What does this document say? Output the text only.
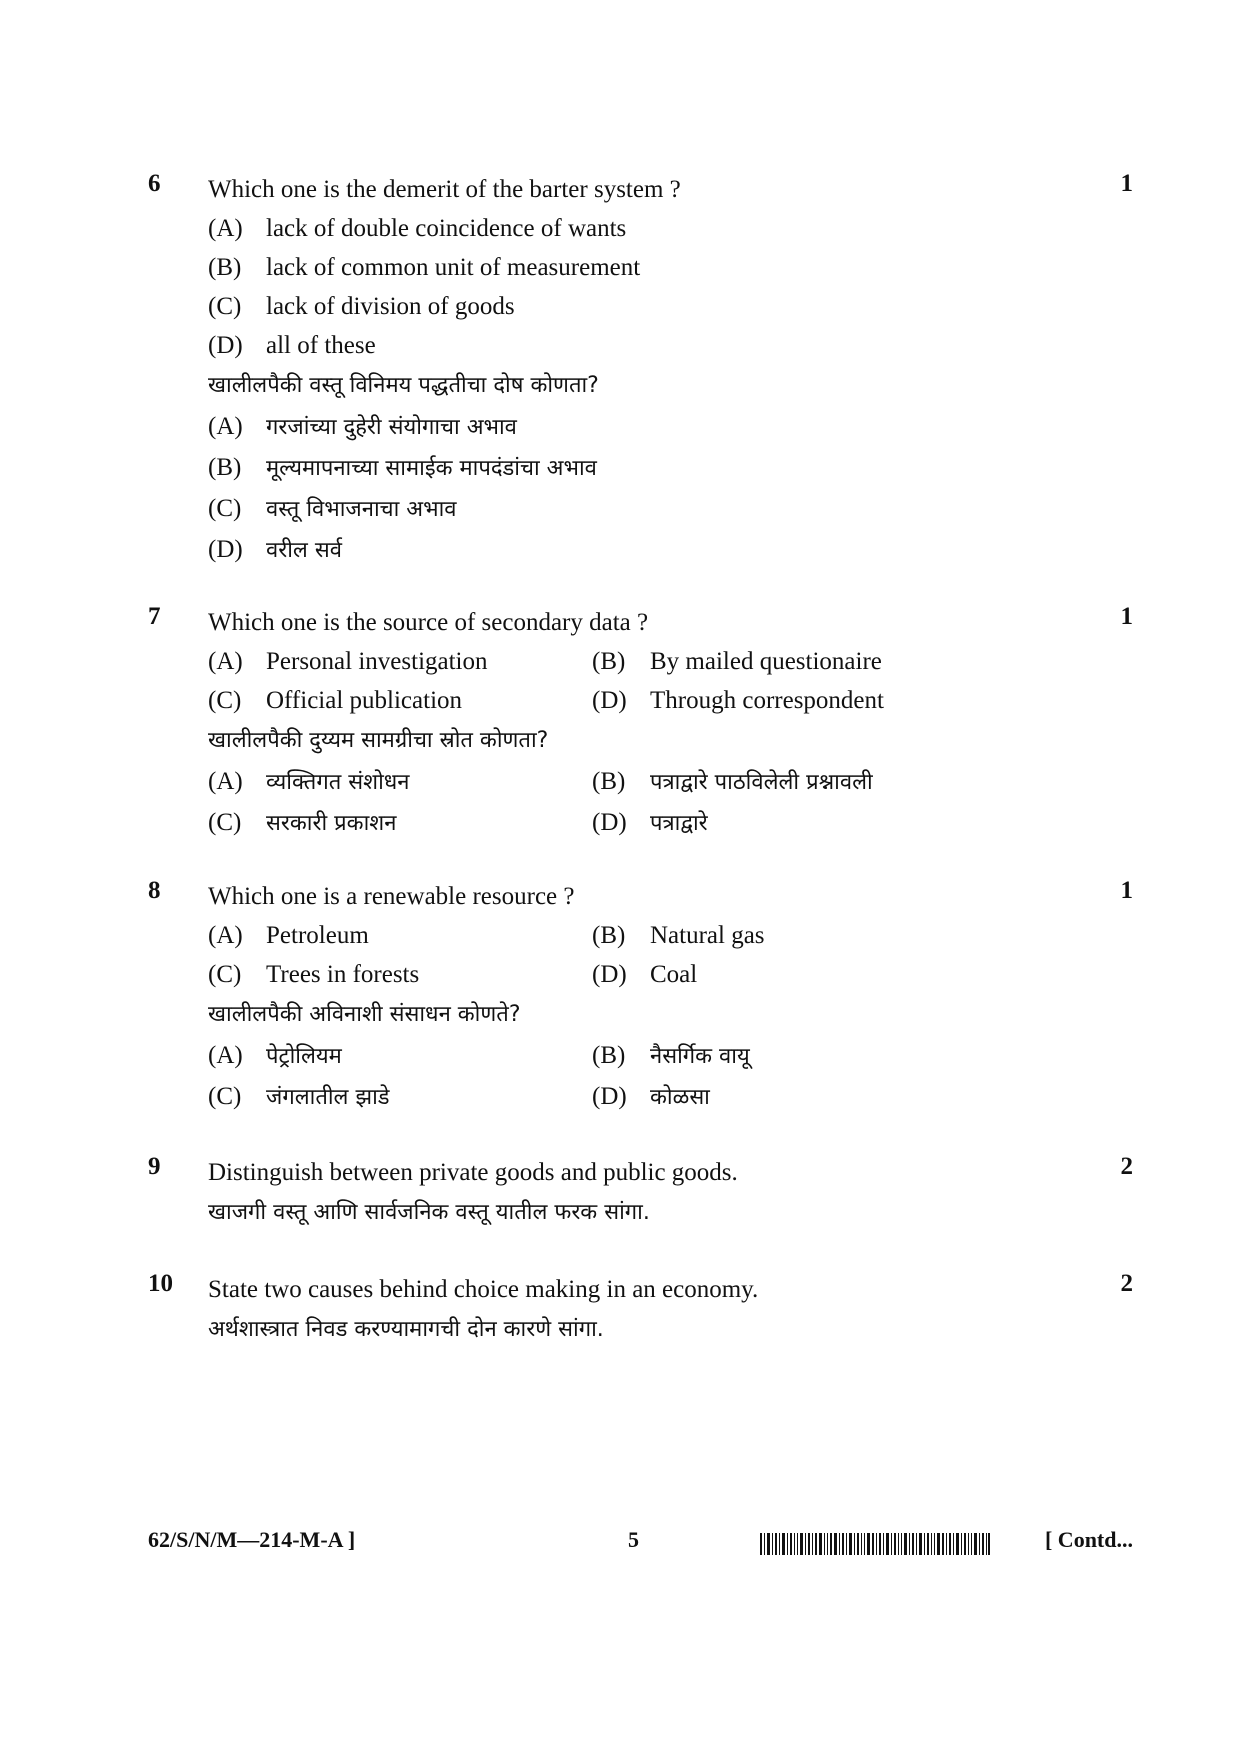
6	1
Which one is the demerit of the barter system ?
(A) lack of double coincidence of wants
(B) lack of common unit of measurement
(C) lack of division of goods
(D) all of these
खालीलपैकी वस्तू विनिमय पद्धतीचा दोष कोणता?
(A) गरजांच्या दुहेरी संयोगाचा अभाव
(B) मूल्यमापनाच्या सामाईक मापदंडांचा अभाव
(C) वस्तू विभाजनाचा अभाव
(D) वरील सर्व
7	1
Which one is the source of secondary data ?
(A) Personal investigation	(B) By mailed questionaire
(C) Official publication	(D) Through correspondent
खालीलपैकी दुय्यम सामग्रीचा स्रोत कोणता?
(A) व्यक्तिगत संशोधन	(B) पत्राद्वारे पाठविलेली प्रश्नावली
(C) सरकारी प्रकाशन	(D) पत्राद्वारे
8	1
Which one is a renewable resource ?
(A) Petroleum	(B) Natural gas
(C) Trees in forests	(D) Coal
खालीलपैकी अविनाशी संसाधन कोणते?
(A) पेट्रोलियम	(B) नैसर्गिक वायू
(C) जंगलातील झाडे	(D) कोळसा
9	2
Distinguish between private goods and public goods.
खाजगी वस्तू आणि सार्वजनिक वस्तू यातील फरक सांगा.
10	2
State two causes behind choice making in an economy.
अर्थशास्त्रात निवड करण्यामागची दोन कारणे सांगा.
62/S/N/M—214-M-A ]	5	[ Contd...
